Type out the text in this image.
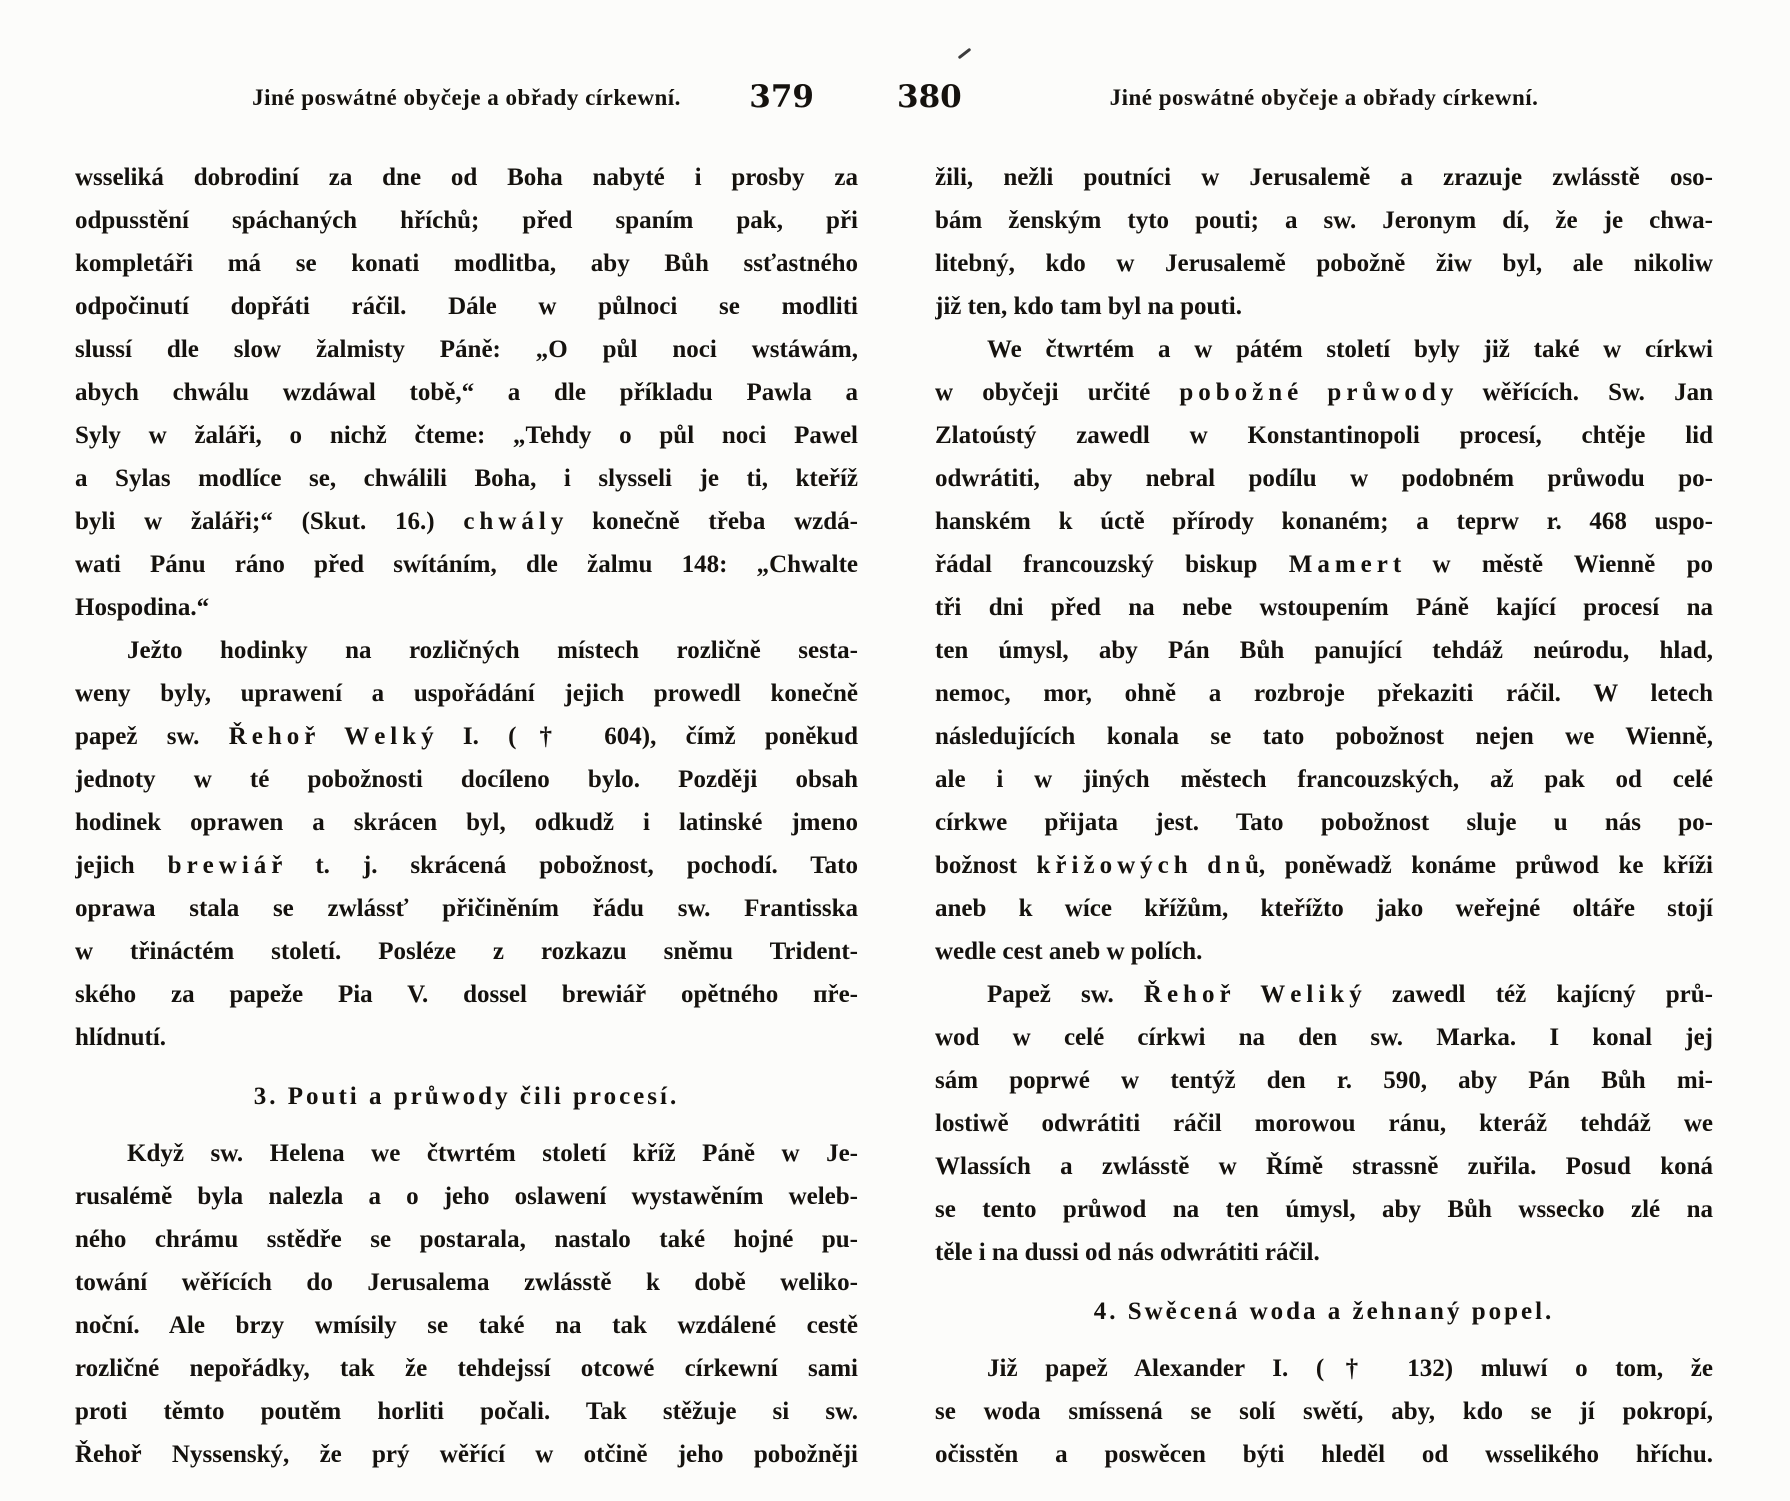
Jiné poswátné obyčeje a obřady církewní.	379	380	Jiné poswátné obyčeje a obřady církewní.
wsseliká dobrodiní za dne od Boha nabyté i prosby za
odpusstění spáchaných hříchů; před spaním pak, při
kompletáři má se konati modlitba, aby Bůh ssťastného
odpočinutí dopřáti ráčil. Dále w půlnoci se modliti
slussí dle slow žalmisty Páně: „O půl noci wstáwám,
abych chwálu wzdáwal tobě,“ a dle příkladu Pawla a
Syly w žaláři, o nichž čteme: „Tehdy o půl noci Pawel
a Sylas modlíce se, chwálili Boha, i slysseli je ti, kteříž
byli w žaláři;“ (Skut. 16.) c h w á l y konečně třeba wzdá-
wati Pánu ráno před swítáním, dle žalmu 148: „Chwalte
Hospodina.“
Ježto hodinky na rozličných místech rozličně sesta-
weny byly, uprawení a uspořádání jejich prowedl konečně
papež sw. Ř e h o ř W e l k ý I. († 604), čímž poněkud
jednoty w té pobožnosti docíleno bylo. Později obsah
hodinek oprawen a skrácen byl, odkudž i latinské jmeno
jejich b r e w i á ř t. j. skrácená pobožnost, pochodí. Tato
oprawa stala se zwlássť přičiněním řádu sw. Frantisska
w třináctém století. Posléze z rozkazu sněmu Trident-
ského za papeže Pia V. dossel brewiář opětného пře-
hlídnutí.
3. Pouti a průwody čili procesí.
Když sw. Helena we čtwrtém století kříž Páně w Je-
rusalémě byla nalezla a o jeho oslawení wystawěním weleb-
ného chrámu sstědře se postarala, nastalo také hojné pu-
towání wěřících do Jerusalema zwlásstě k době weliko-
noční. Ale brzy wmísily se také na tak wzdálené cestě
rozličné nepořádky, tak že tehdejssí otcowé církewní sami
proti těmto poutěm horliti počali. Tak stěžuje si sw.
Řehoř Nyssenský, že prý wěřící w otčině jeho pobožněji
žili, nežli poutníci w Jerusalemě a zrazuje zwlásstě oso-
bám ženským tyto pouti; a sw. Jeronym dí, že je chwa-
litebný, kdo w Jerusalemě pobožně žiw byl, ale nikoliw
již ten, kdo tam byl na pouti.
We čtwrtém a w pátém století byly již také w církwi
w obyčeji určité p o b o ž n é p r ů w o d y wěřících. Sw. Jan
Zlatoústý zawedl w Konstantinopoli procesí, chtěje lid
odwrátiti, aby nebral podílu w podobném průwodu po-
hanském k úctě přírody konaném; a teprw r. 468 uspo-
řádal francouzský biskup M a m e r t w městě Wienně po
tři dni před na nebe wstoupením Páně kající procesí na
ten úmysl, aby Pán Bůh panující tehdáž neúrodu, hlad,
nemoc, mor, ohně a rozbroje překaziti ráčil. W letech
následujících konala se tato pobožnost nejen we Wienně,
ale i w jiných městech francouzských, až pak od celé
církwe přijata jest. Tato pobožnost sluje u nás po-
božnost k ř i ž o w ý c h d n ů, poněwadž konáme průwod ke kříži
aneb k wíce křížům, kteřížto jako weřejné oltáře stojí
wedle cest aneb w polích.
Papež sw. Ř e h o ř W e l i k ý zawedl též kajícný prů-
wod w celé církwi na den sw. Marka. I konal jej
sám poprwé w tentýž den r. 590, aby Pán Bůh mi-
lostiwě odwrátiti ráčil morowou ránu, kteráž tehdáž we
Wlassích a zwlásstě w Římě strassně zuřila. Posud koná
se tento průwod na ten úmysl, aby Bůh wssecko zlé na
těle i na dussi od nás odwrátiti ráčil.
4. Swěcená woda a žehnaný popel.
Již papež Alexander I. († 132) mluwí o tom, že
se woda smíssená se solí swětí, aby, kdo se jí pokropí,
očisstěn a poswěcen býti hleděl od wsselikého hříchu.
